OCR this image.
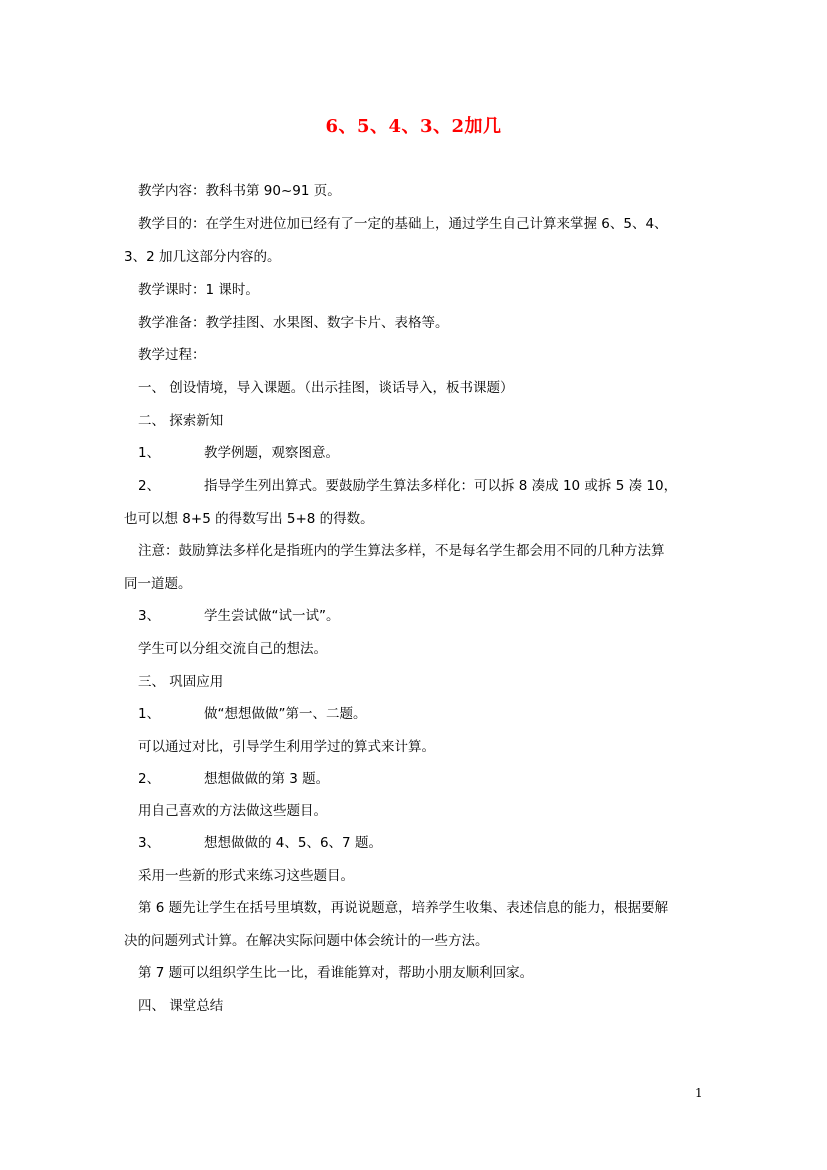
6、5、4、3、2加几
教学内容：教科书第 90~91 页。
教学目的：在学生对进位加已经有了一定的基础上，通过学生自己计算来掌握 6、5、4、
3、2 加几这部分内容的。
教学课时：1 课时。
教学准备：教学挂图、水果图、数字卡片、表格等。
教学过程：
一、 创设情境，导入课题。（出示挂图，谈话导入，板书课题）
二、 探索新知
1、	教学例题，观察图意。
2、	指导学生列出算式。要鼓励学生算法多样化：可以拆 8 凑成 10 或拆 5 凑 10，
也可以想 8+5 的得数写出 5+8 的得数。
注意：鼓励算法多样化是指班内的学生算法多样，不是每名学生都会用不同的几种方法算
同一道题。
3、	学生尝试做“试一试”。
学生可以分组交流自己的想法。
三、 巩固应用
1、	做“想想做做”第一、二题。
可以通过对比，引导学生利用学过的算式来计算。
2、	想想做做的第 3 题。
用自己喜欢的方法做这些题目。
3、	想想做做的 4、5、6、7 题。
采用一些新的形式来练习这些题目。
第 6 题先让学生在括号里填数，再说说题意，培养学生收集、表述信息的能力，根据要解
决的问题列式计算。在解决实际问题中体会统计的一些方法。
第 7 题可以组织学生比一比，看谁能算对，帮助小朋友顺利回家。
四、 课堂总结
1
